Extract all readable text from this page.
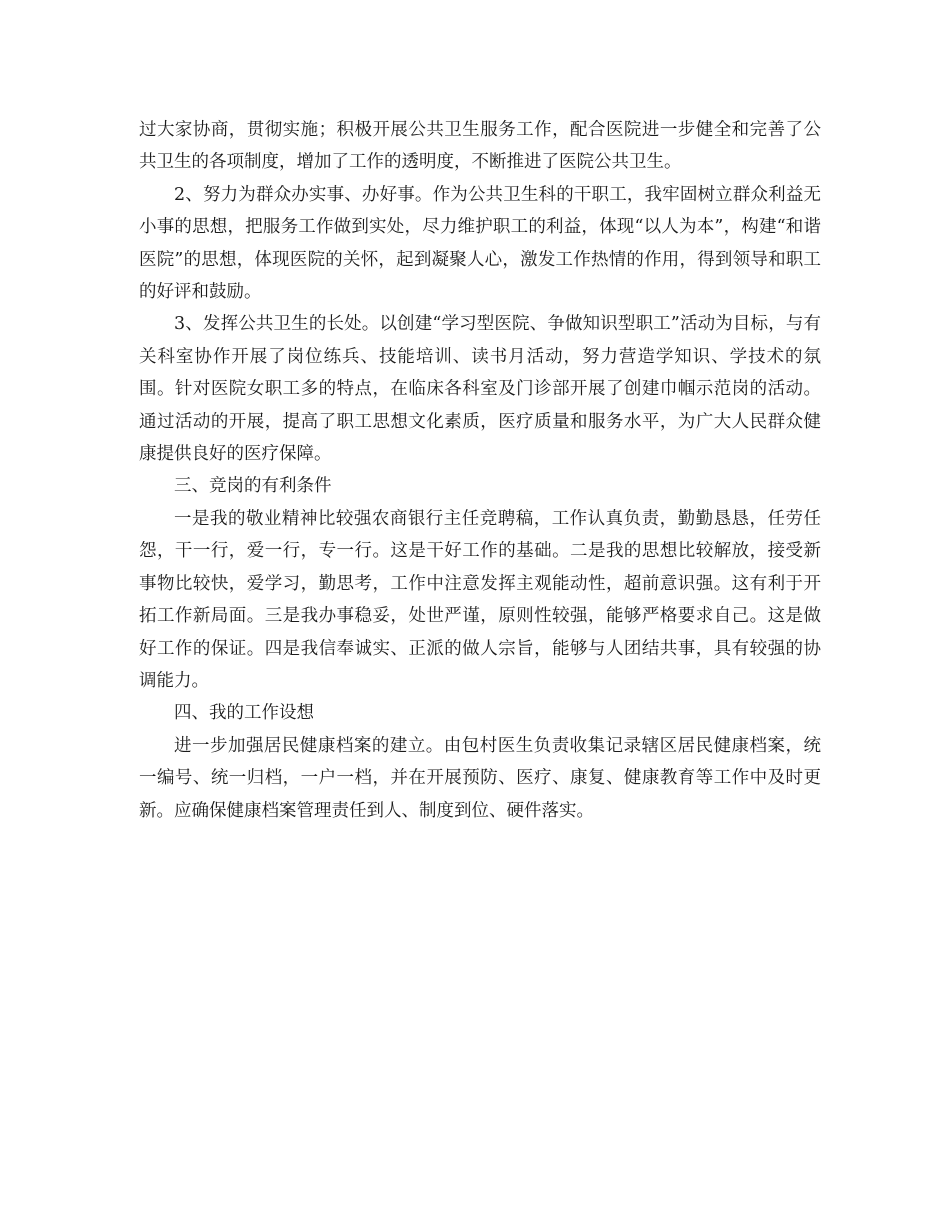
过大家协商，贯彻实施；积极开展公共卫生服务工作，配合医院进一步健全和完善了公共卫生的各项制度，增加了工作的透明度，不断推进了医院公共卫生。

2、努力为群众办实事、办好事。作为公共卫生科的干职工，我牢固树立群众利益无小事的思想，把服务工作做到实处，尽力维护职工的利益，体现“以人为本”，构建“和谐医院”的思想，体现医院的关怀，起到凝聚人心，激发工作热情的作用，得到领导和职工的好评和鼓励。

3、发挥公共卫生的长处。以创建“学习型医院、争做知识型职工”活动为目标，与有关科室协作开展了岗位练兵、技能培训、读书月活动，努力营造学知识、学技术的氛围。针对医院女职工多的特点，在临床各科室及门诊部开展了创建巾帼示范岗的活动。通过活动的开展，提高了职工思想文化素质，医疗质量和服务水平，为广大人民群众健康提供良好的医疗保障。

三、竞岗的有利条件

一是我的敬业精神比较强农商银行主任竞聘稿，工作认真负责，勤勤恳恳，任劳任怨，干一行，爱一行，专一行。这是干好工作的基础。二是我的思想比较解放，接受新事物比较快，爱学习，勤思考，工作中注意发挥主观能动性，超前意识强。这有利于开拓工作新局面。三是我办事稳妥，处世严谨，原则性较强，能够严格要求自己。这是做好工作的保证。四是我信奉诚实、正派的做人宗旨，能够与人团结共事，具有较强的协调能力。

四、我的工作设想

进一步加强居民健康档案的建立。由包村医生负责收集记录辖区居民健康档案，统一编号、统一归档，一户一档，并在开展预防、医疗、康复、健康教育等工作中及时更新。应确保健康档案管理责任到人、制度到位、硬件落实。
